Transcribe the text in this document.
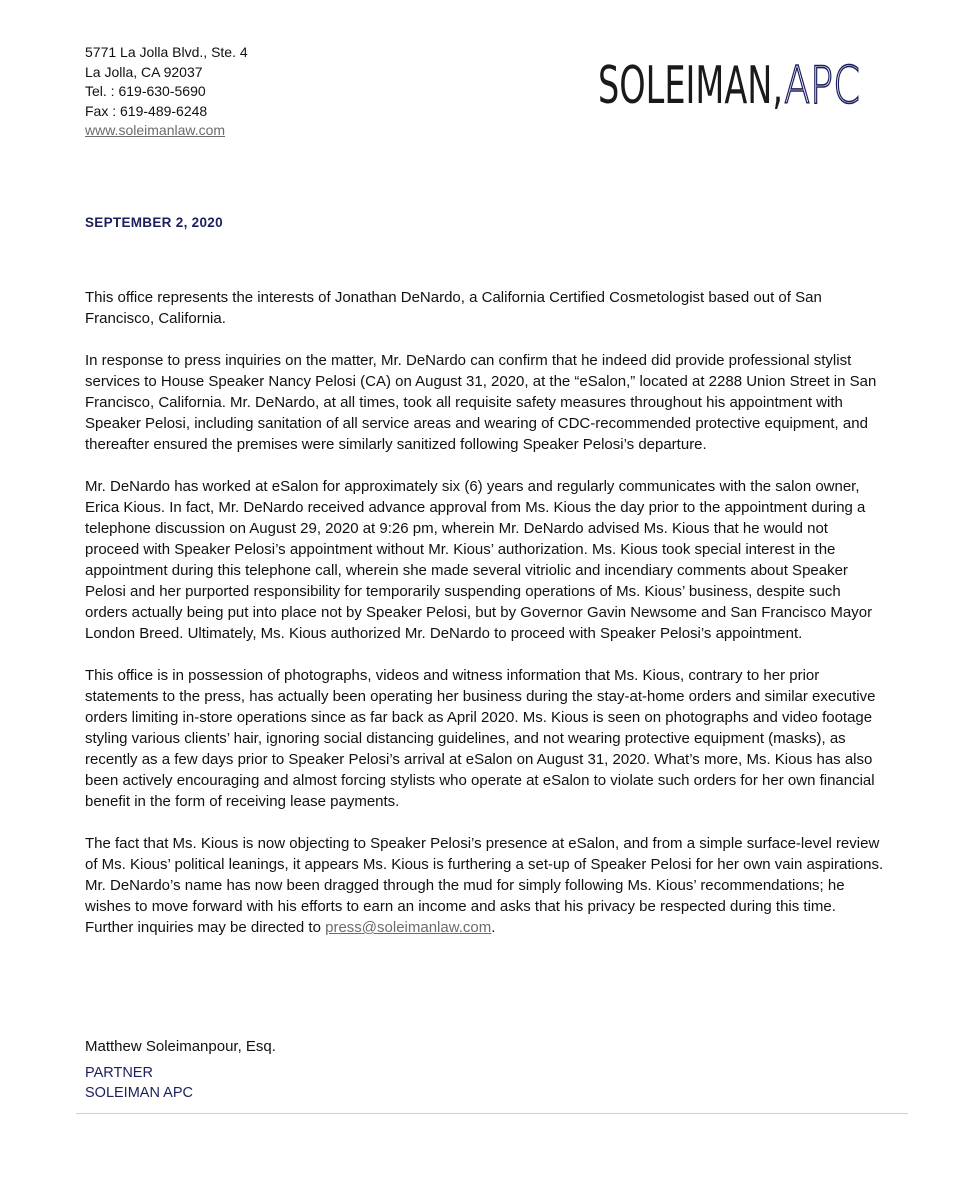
5771 La Jolla Blvd., Ste. 4
La Jolla, CA 92037
Tel. : 619-630-5690
Fax : 619-489-6248
www.soleimanlaw.com
SOLEIMAN, APC
SEPTEMBER 2, 2020

This office represents the interests of Jonathan DeNardo, a California Certified Cosmetologist based out of San Francisco, California.

In response to press inquiries on the matter, Mr. DeNardo can confirm that he indeed did provide professional stylist services to House Speaker Nancy Pelosi (CA) on August 31, 2020, at the “eSalon,” located at 2288 Union Street in San Francisco, California. Mr. DeNardo, at all times, took all requisite safety measures throughout his appointment with Speaker Pelosi, including sanitation of all service areas and wearing of CDC-recommended protective equipment, and thereafter ensured the premises were similarly sanitized following Speaker Pelosi’s departure.

Mr. DeNardo has worked at eSalon for approximately six (6) years and regularly communicates with the salon owner, Erica Kious. In fact, Mr. DeNardo received advance approval from Ms. Kious the day prior to the appointment during a telephone discussion on August 29, 2020 at 9:26 pm, wherein Mr. DeNardo advised Ms. Kious that he would not proceed with Speaker Pelosi’s appointment without Mr. Kious’ authorization. Ms. Kious took special interest in the appointment during this telephone call, wherein she made several vitriolic and incendiary comments about Speaker Pelosi and her purported responsibility for temporarily suspending operations of Ms. Kious’ business, despite such orders actually being put into place not by Speaker Pelosi, but by Governor Gavin Newsome and San Francisco Mayor London Breed. Ultimately, Ms. Kious authorized Mr. DeNardo to proceed with Speaker Pelosi’s appointment.

This office is in possession of photographs, videos and witness information that Ms. Kious, contrary to her prior statements to the press, has actually been operating her business during the stay-at-home orders and similar executive orders limiting in-store operations since as far back as April 2020. Ms. Kious is seen on photographs and video footage styling various clients’ hair, ignoring social distancing guidelines, and not wearing protective equipment (masks), as recently as a few days prior to Speaker Pelosi’s arrival at eSalon on August 31, 2020. What’s more, Ms. Kious has also been actively encouraging and almost forcing stylists who operate at eSalon to violate such orders for her own financial benefit in the form of receiving lease payments.

The fact that Ms. Kious is now objecting to Speaker Pelosi’s presence at eSalon, and from a simple surface-level review of Ms. Kious’ political leanings, it appears Ms. Kious is furthering a set-up of Speaker Pelosi for her own vain aspirations. Mr. DeNardo’s name has now been dragged through the mud for simply following Ms. Kious’ recommendations; he wishes to move forward with his efforts to earn an income and asks that his privacy be respected during this time. Further inquiries may be directed to press@soleimanlaw.com.

Matthew Soleimanpour, Esq.
PARTNER
SOLEIMAN APC
